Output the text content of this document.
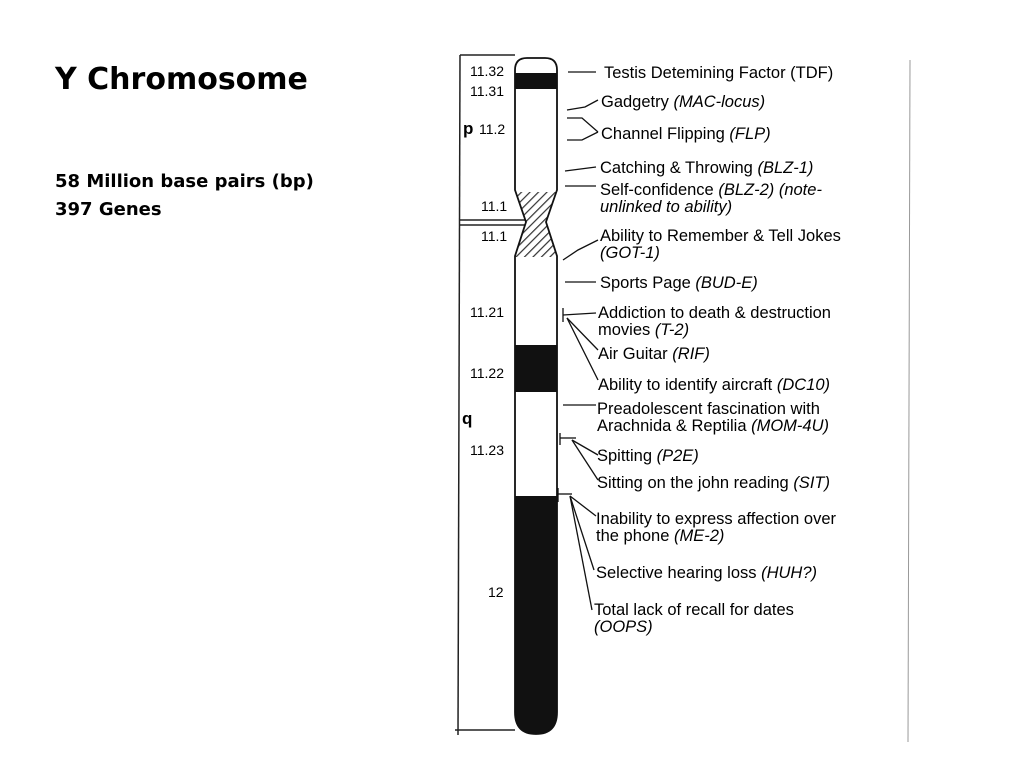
Y Chromosome
58 Million base pairs (bp)
397 Genes
p
q
11.32
11.31
11.2
11.1
11.1
11.21
11.22
11.23
12
Testis Detemining Factor (TDF)
Gadgetry (MAC-locus)
Channel Flipping (FLP)
Catching & Throwing (BLZ-1)
Self-confidence (BLZ-2) (note-
unlinked to ability)
Ability to Remember & Tell Jokes
(GOT-1)
Sports Page (BUD-E)
Addiction to death & destruction
movies (T-2)
Air Guitar (RIF)
Ability to identify aircraft (DC10)
Preadolescent fascination with
Arachnida & Reptilia (MOM-4U)
Spitting (P2E)
Sitting on the john reading (SIT)
Inability to express affection over
the phone (ME-2)
Selective hearing loss (HUH?)
Total lack of recall for dates
(OOPS)
